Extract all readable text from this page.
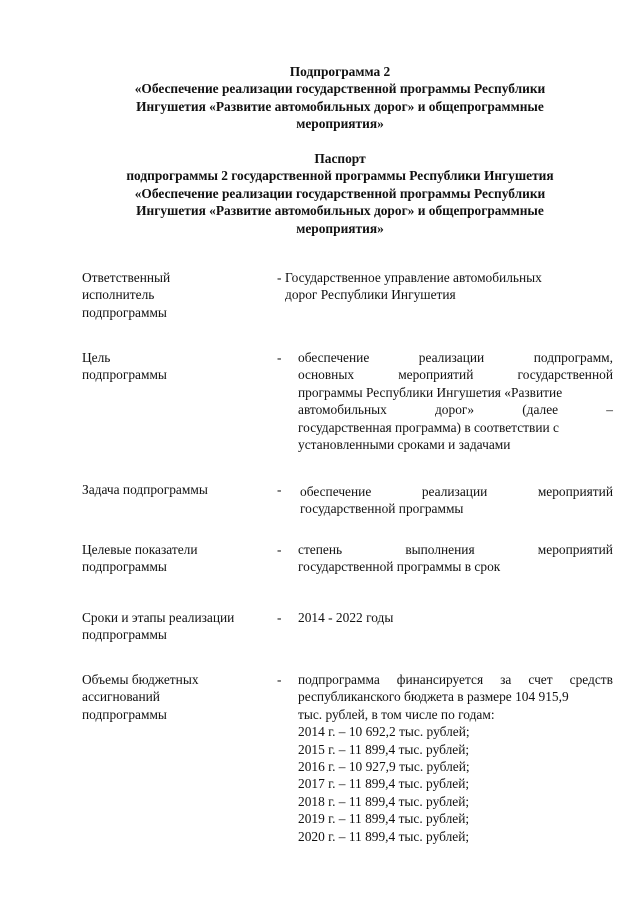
Подпрограмма 2
«Обеспечение реализации государственной программы Республики
Ингушетия «Развитие автомобильных дорог» и общепрограммные
мероприятия»
Паспорт
подпрограммы 2 государственной программы Республики Ингушетия
«Обеспечение реализации государственной программы Республики
Ингушетия «Развитие автомобильных дорог» и общепрограммные
мероприятия»
Ответственный
исполнитель
подпрограммы
- Государственное управление автомобильных
дорог Республики Ингушетия
Цель
подпрограммы
- обеспечение	реализации	подпрограмм,
основных	мероприятий	государственной
программы Республики Ингушетия «Развитие
автомобильных	дорог»	(далее	–
государственная программа) в соответствии с
установленными сроками и задачами
Задача подпрограммы	- обеспечение	реализации	мероприятий
государственной программы
Целевые показатели
подпрограммы
- степень	выполнения	мероприятий
государственной программы в срок
Сроки и этапы реализации
подпрограммы
- 2014 - 2022 годы
Объемы бюджетных
ассигнований
подпрограммы
- подпрограмма финансируется за счет средств
республиканского бюджета в размере 104 915,9
тыс. рублей, в том числе по годам:
2014 г. – 10 692,2 тыс. рублей;
2015 г. – 11 899,4 тыс. рублей;
2016 г. – 10 927,9 тыс. рублей;
2017 г. – 11 899,4 тыс. рублей;
2018 г. – 11 899,4 тыс. рублей;
2019 г. – 11 899,4 тыс. рублей;
2020 г. – 11 899,4 тыс. рублей;
